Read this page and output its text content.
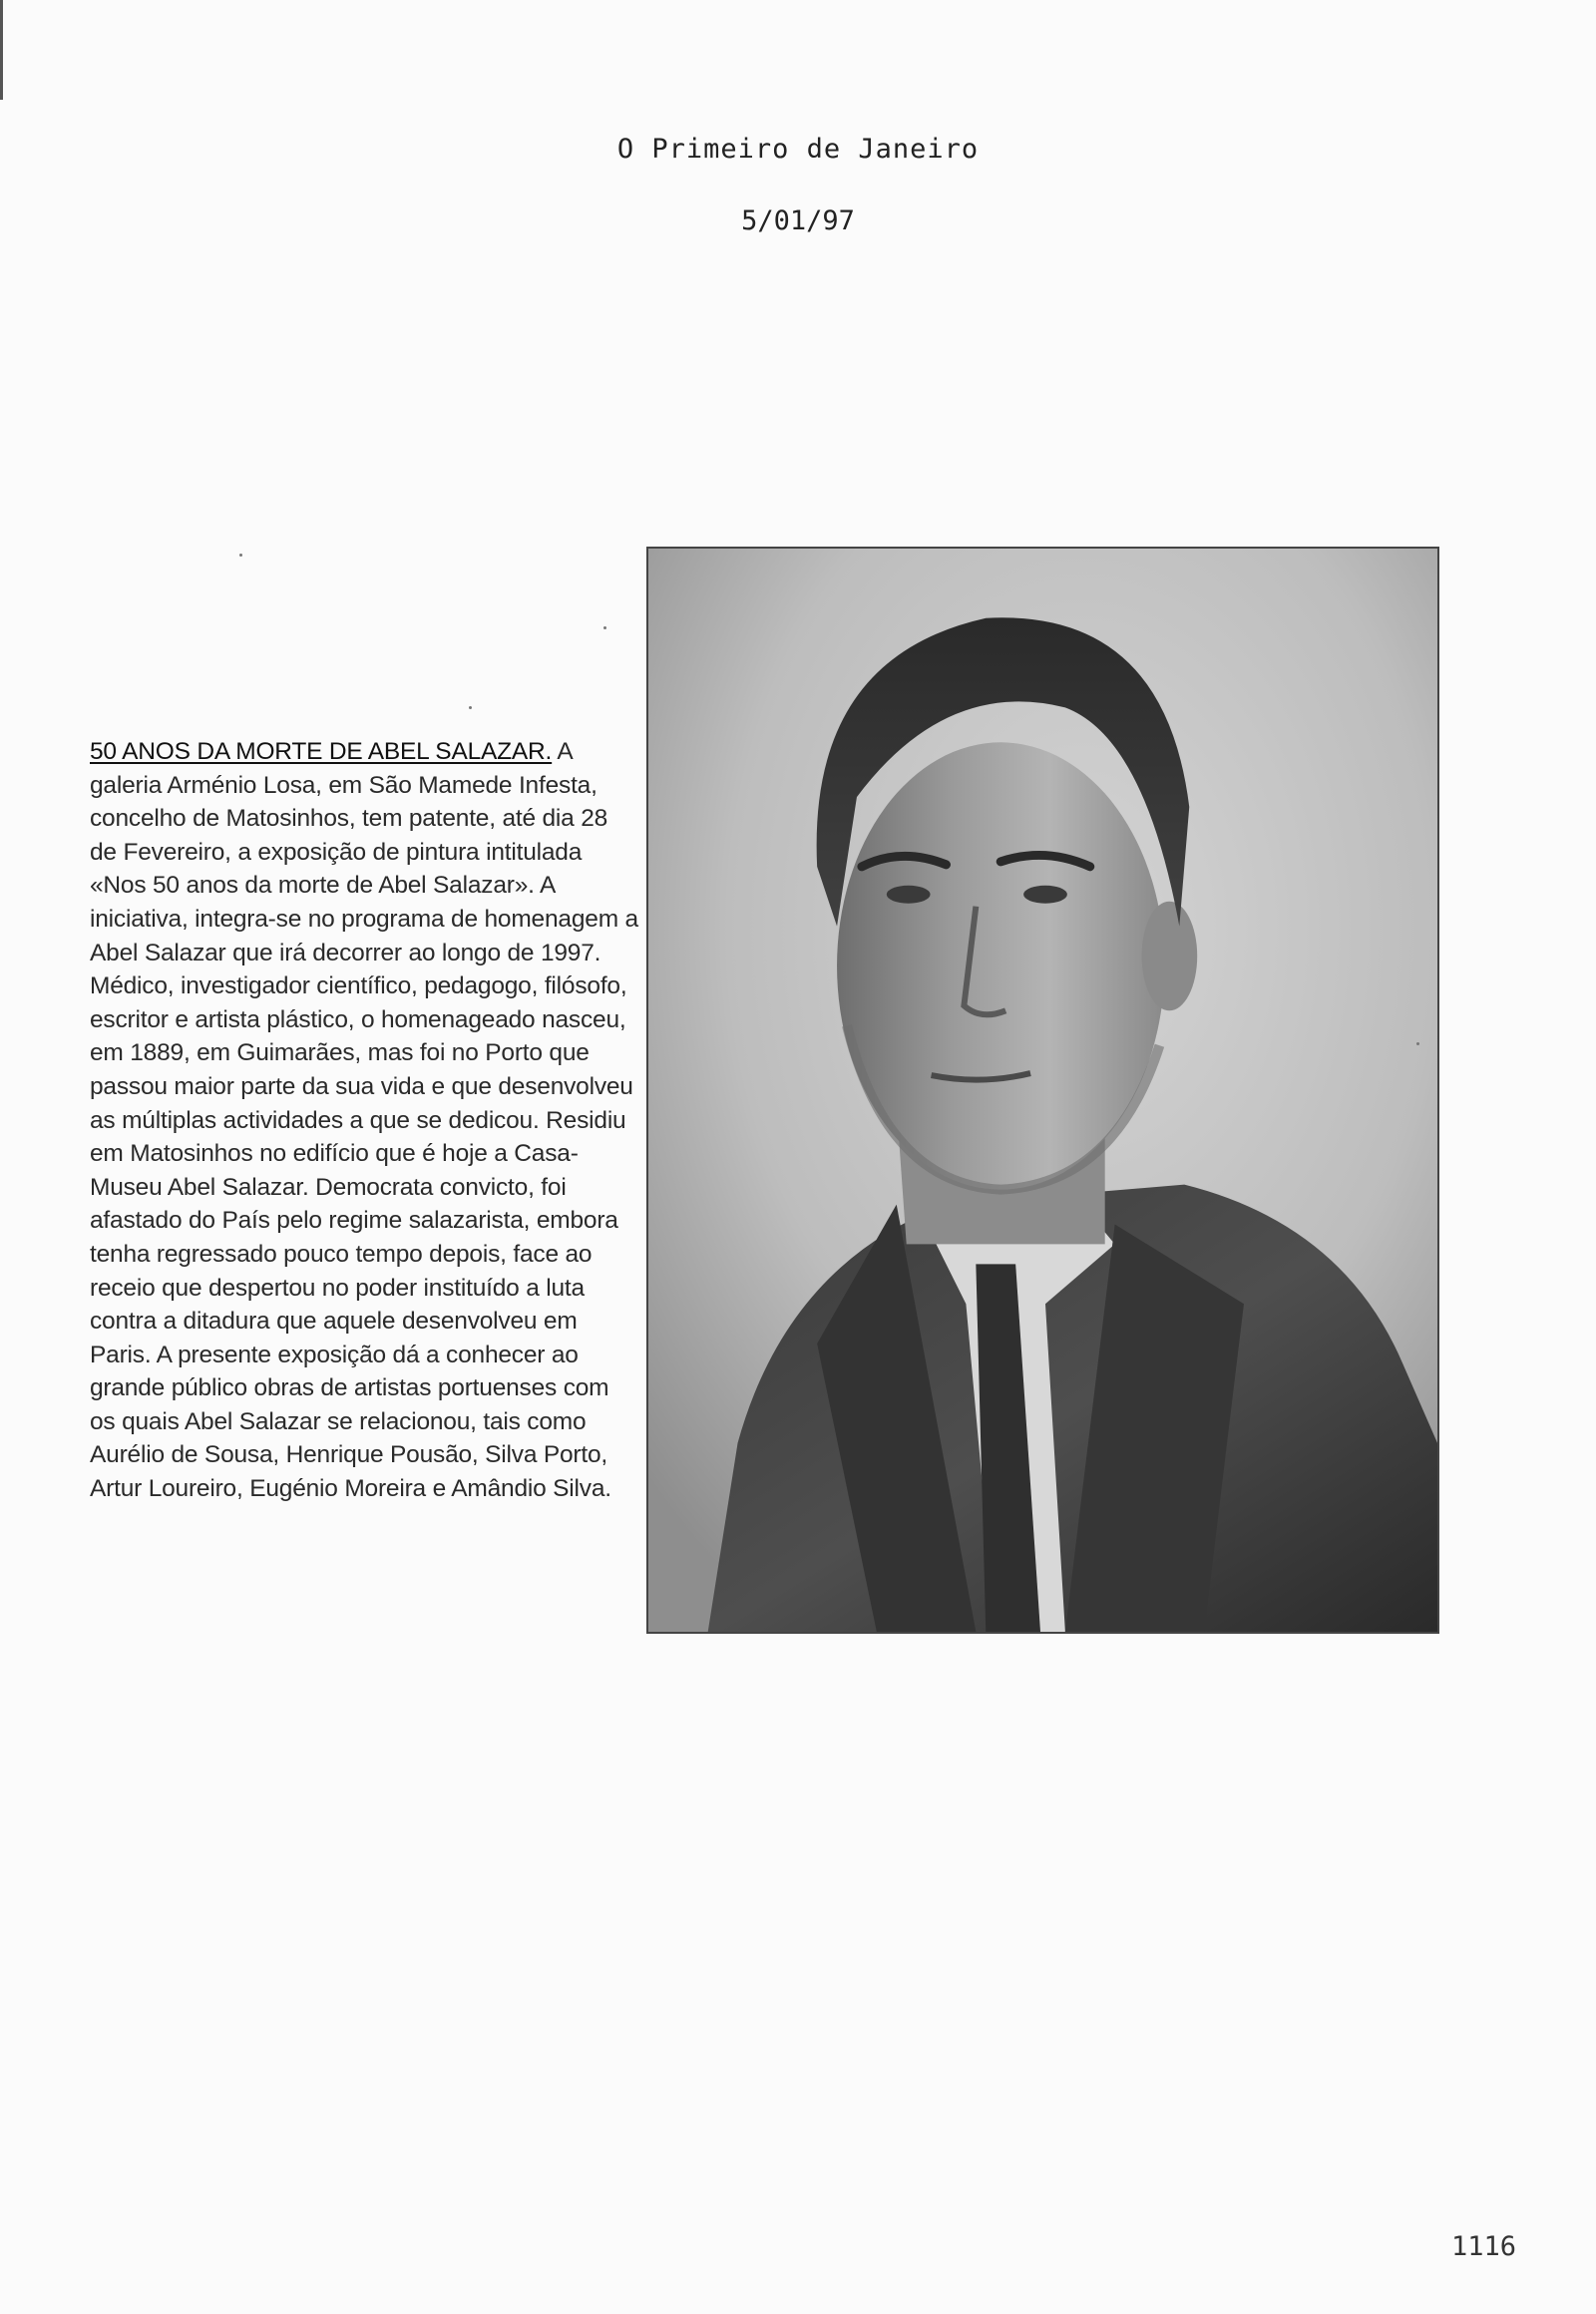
O Primeiro de Janeiro
5/01/97
50 ANOS DA MORTE DE ABEL SALAZAR. A galeria Arménio Losa, em São Mamede Infesta, concelho de Matosinhos, tem patente, até dia 28 de Fevereiro, a exposição de pintura intitulada «Nos 50 anos da morte de Abel Salazar». A iniciativa, integra-se no programa de homenagem a Abel Salazar que irá decorrer ao longo de 1997. Médico, investigador científico, pedagogo, filósofo, escritor e artista plástico, o homenageado nasceu, em 1889, em Guimarães, mas foi no Porto que passou maior parte da sua vida e que desenvolveu as múltiplas actividades a que se dedicou. Residiu em Matosinhos no edifício que é hoje a Casa-Museu Abel Salazar. Democrata convicto, foi afastado do País pelo regime salazarista, embora tenha regressado pouco tempo depois, face ao receio que despertou no poder instituído a luta contra a ditadura que aquele desenvolveu em Paris. A presente exposição dá a conhecer ao grande público obras de artistas portuenses com os quais Abel Salazar se relacionou, tais como Aurélio de Sousa, Henrique Pousão, Silva Porto, Artur Loureiro, Eugénio Moreira e Amândio Silva.
1116
